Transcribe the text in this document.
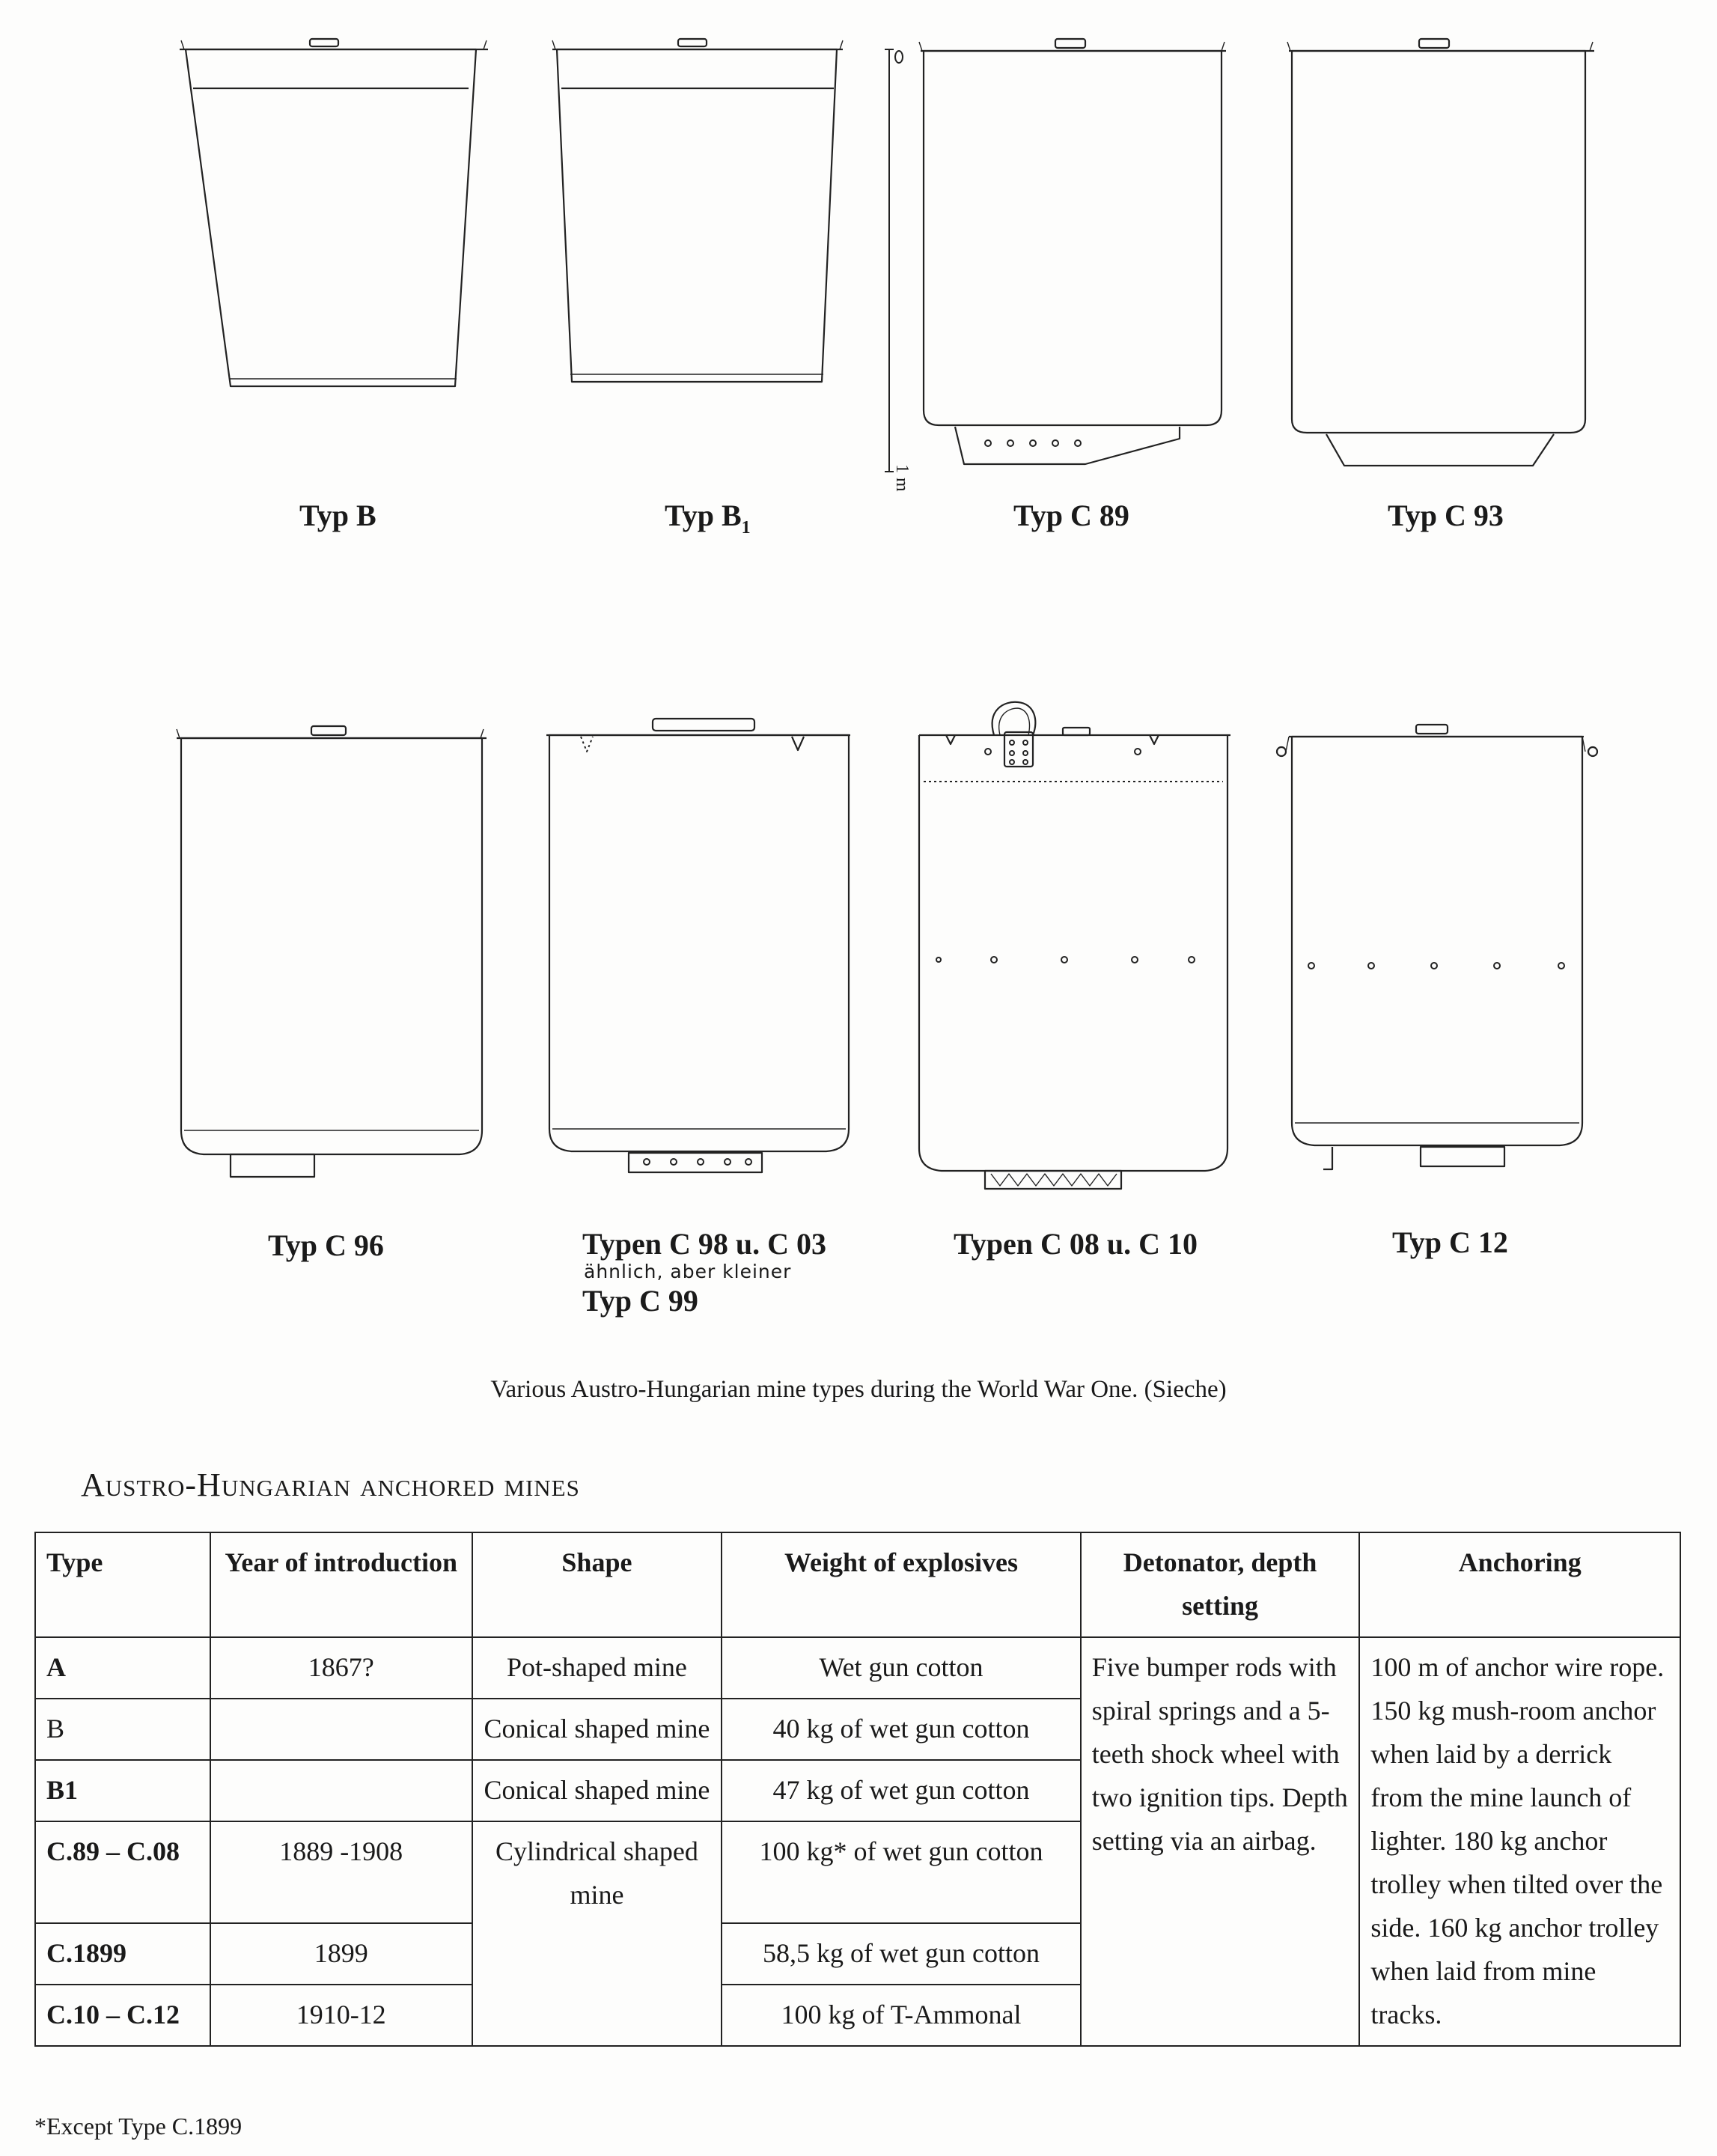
1 m
Typ B	Typ $B_1$	Typ C 89	Typ C 93
Typ C 96	Typen C 98 u. C 03
ähnlich, aber kleiner
Typ C 99
Typen C 08 u. C 10	Typ C 12
Various Austro-Hungarian mine types during the World War One. (Sieche)
Austro-Hungarian anchored mines
Type	Year of introduction	Shape	Weight of explosives	Detonator, depth setting	Anchoring
A	1867?	Pot-shaped mine	Wet gun cotton	Five bumper rods with spiral springs and a 5-teeth shock wheel with two ignition tips. Depth setting via an airbag.	100 m of anchor wire rope. 150 kg mush-room anchor when laid by a derrick from the mine launch of lighter. 180 kg anchor trolley when tilted over the side. 160 kg anchor trolley when laid from mine tracks.
B		Conical shaped mine	40 kg of wet gun cotton		
B1		Conical shaped mine	47 kg of wet gun cotton		
C.89 – C.08	1889 -1908	Cylindrical shaped mine	100 kg* of wet gun cotton		
C.1899	1899		58,5 kg of wet gun cotton		
C.10 – C.12	1910-12		100 kg of T-Ammonal		
*Except Type C.1899
